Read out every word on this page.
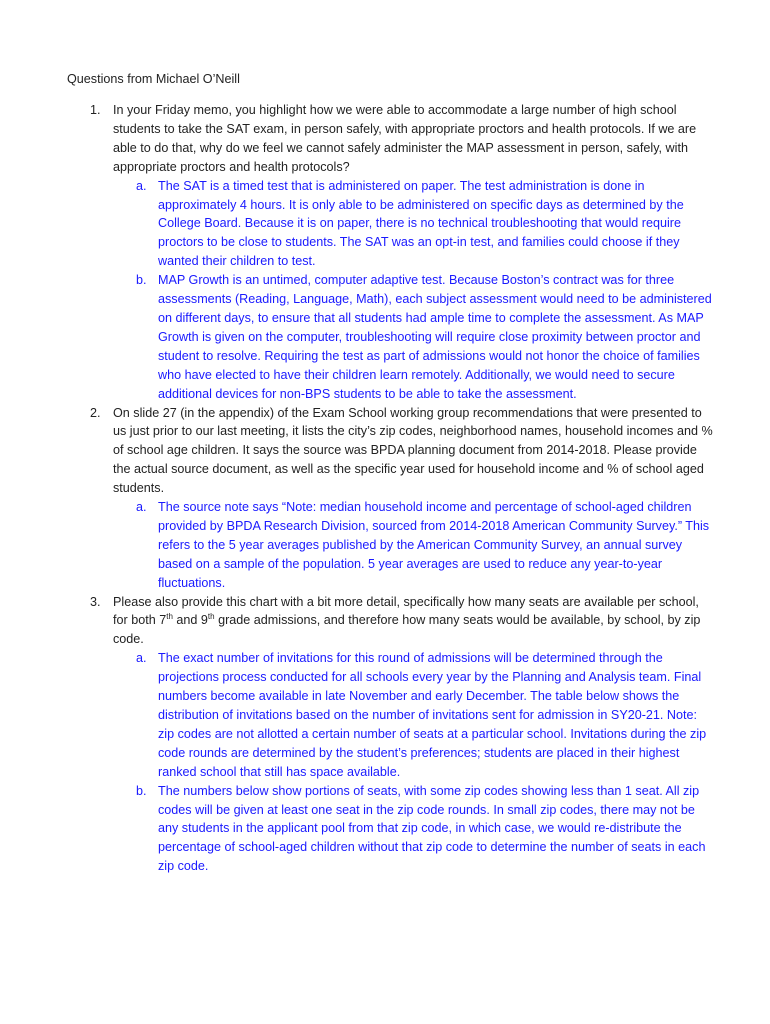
Questions from Michael O’Neill

1. In your Friday memo, you highlight how we were able to accommodate a large number of high school students to take the SAT exam, in person safely, with appropriate proctors and health protocols. If we are able to do that, why do we feel we cannot safely administer the MAP assessment in person, safely, with appropriate proctors and health protocols?
a. The SAT is a timed test that is administered on paper. The test administration is done in approximately 4 hours. It is only able to be administered on specific days as determined by the College Board. Because it is on paper, there is no technical troubleshooting that would require proctors to be close to students. The SAT was an opt-in test, and families could choose if they wanted their children to test.
b. MAP Growth is an untimed, computer adaptive test. Because Boston’s contract was for three assessments (Reading, Language, Math), each subject assessment would need to be administered on different days, to ensure that all students had ample time to complete the assessment. As MAP Growth is given on the computer, troubleshooting will require close proximity between proctor and student to resolve. Requiring the test as part of admissions would not honor the choice of families who have elected to have their children learn remotely. Additionally, we would need to secure additional devices for non-BPS students to be able to take the assessment.
2. On slide 27 (in the appendix) of the Exam School working group recommendations that were presented to us just prior to our last meeting, it lists the city’s zip codes, neighborhood names, household incomes and % of school age children. It says the source was BPDA planning document from 2014-2018. Please provide the actual source document, as well as the specific year used for household income and % of school aged students.
a. The source note says “Note: median household income and percentage of school-aged children provided by BPDA Research Division, sourced from 2014-2018 American Community Survey.” This refers to the 5 year averages published by the American Community Survey, an annual survey based on a sample of the population. 5 year averages are used to reduce any year-to-year fluctuations.
3. Please also provide this chart with a bit more detail, specifically how many seats are available per school, for both 7th and 9th grade admissions, and therefore how many seats would be available, by school, by zip code.
a. The exact number of invitations for this round of admissions will be determined through the projections process conducted for all schools every year by the Planning and Analysis team. Final numbers become available in late November and early December. The table below shows the distribution of invitations based on the number of invitations sent for admission in SY20-21. Note: zip codes are not allotted a certain number of seats at a particular school. Invitations during the zip code rounds are determined by the student’s preferences; students are placed in their highest ranked school that still has space available.
b. The numbers below show portions of seats, with some zip codes showing less than 1 seat. All zip codes will be given at least one seat in the zip code rounds. In small zip codes, there may not be any students in the applicant pool from that zip code, in which case, we would re-distribute the percentage of school-aged children without that zip code to determine the number of seats in each zip code.
